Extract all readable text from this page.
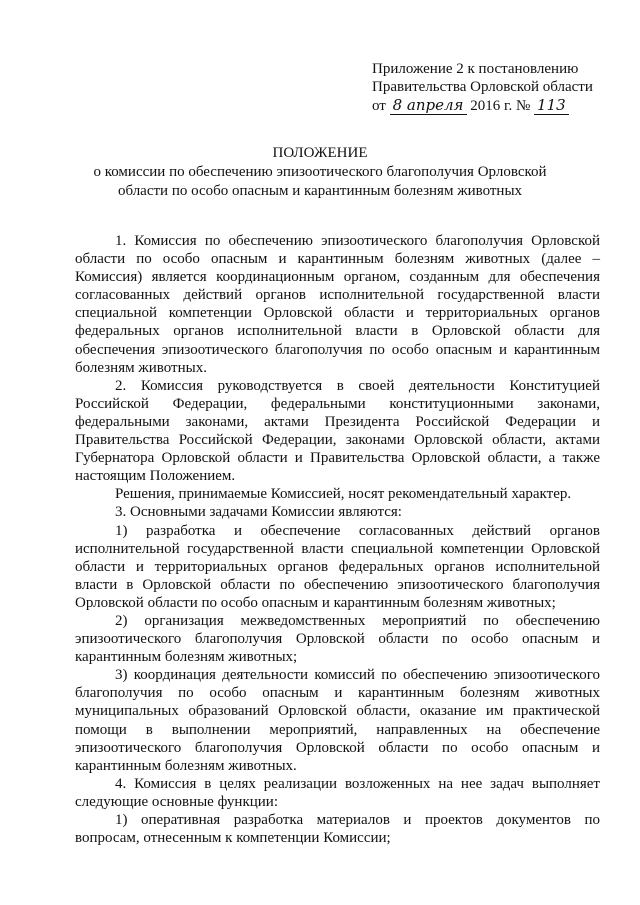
Приложение 2 к постановлению
Правительства Орловской области
от 8 апреля 2016 г. № 113
ПОЛОЖЕНИЕ
о комиссии по обеспечению эпизоотического благополучия Орловской
области по особо опасным и карантинным болезням животных

1. Комиссия по обеспечению эпизоотического благополучия Орловской области по особо опасным и карантинным болезням животных (далее – Комиссия) является координационным органом, созданным для обеспечения согласованных действий органов исполнительной государственной власти специальной компетенции Орловской области и территориальных органов федеральных органов исполнительной власти в Орловской области для обеспечения эпизоотического благополучия по особо опасным и карантинным болезням животных.

2. Комиссия руководствуется в своей деятельности Конституцией Российской Федерации, федеральными конституционными законами, федеральными законами, актами Президента Российской Федерации и Правительства Российской Федерации, законами Орловской области, актами Губернатора Орловской области и Правительства Орловской области, а также настоящим Положением.

Решения, принимаемые Комиссией, носят рекомендательный характер.

3. Основными задачами Комиссии являются:

1) разработка и обеспечение согласованных действий органов исполнительной государственной власти специальной компетенции Орловской области и территориальных органов федеральных органов исполнительной власти в Орловской области по обеспечению эпизоотического благополучия Орловской области по особо опасным и карантинным болезням животных;

2) организация межведомственных мероприятий по обеспечению эпизоотического благополучия Орловской области по особо опасным и карантинным болезням животных;

3) координация деятельности комиссий по обеспечению эпизоотического благополучия по особо опасным и карантинным болезням животных муниципальных образований Орловской области, оказание им практической помощи в выполнении мероприятий, направленных на обеспечение эпизоотического благополучия Орловской области по особо опасным и карантинным болезням животных.

4. Комиссия в целях реализации возложенных на нее задач выполняет следующие основные функции:

1) оперативная разработка материалов и проектов документов по вопросам, отнесенным к компетенции Комиссии;
